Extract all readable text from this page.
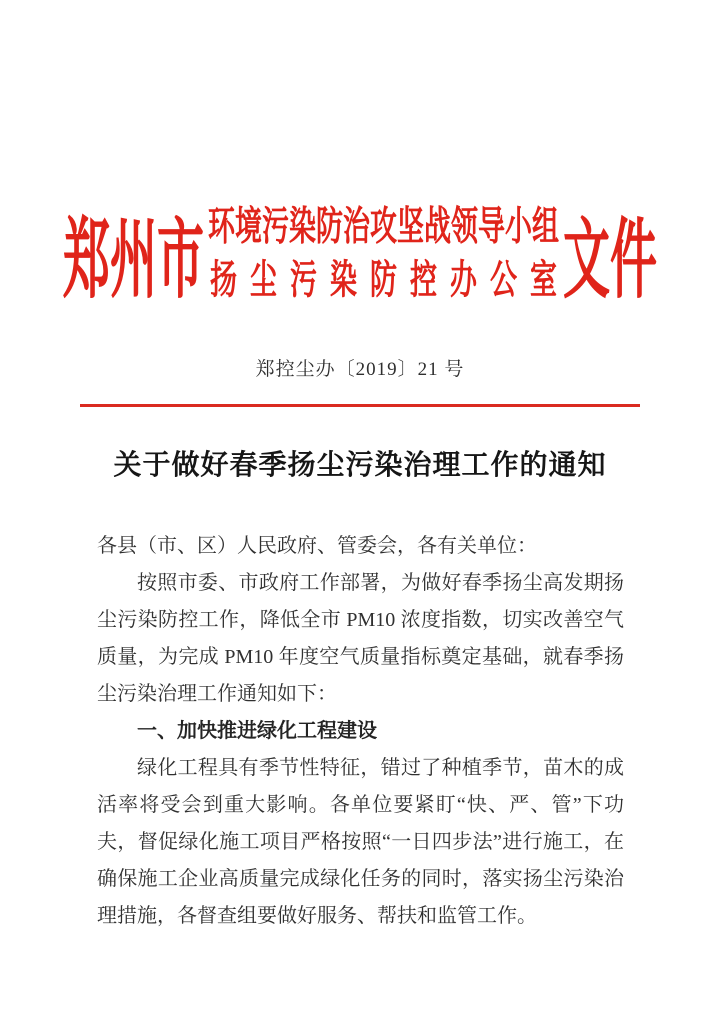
郑州市 环境污染防治攻坚战领导小组
扬尘污染防控办公室
文件
郑控尘办〔2019〕21 号
关于做好春季扬尘污染治理工作的通知

各县（市、区）人民政府、管委会，各有关单位：

按照市委、市政府工作部署，为做好春季扬尘高发期扬尘污染防控工作，降低全市 PM10 浓度指数，切实改善空气质量，为完成 PM10 年度空气质量指标奠定基础，就春季扬尘污染治理工作通知如下：

一、加快推进绿化工程建设

绿化工程具有季节性特征，错过了种植季节，苗木的成活率将受会到重大影响。各单位要紧盯“快、严、管”下功夫，督促绿化施工项目严格按照“一日四步法”进行施工，在确保施工企业高质量完成绿化任务的同时，落实扬尘污染治理措施，各督查组要做好服务、帮扶和监管工作。
